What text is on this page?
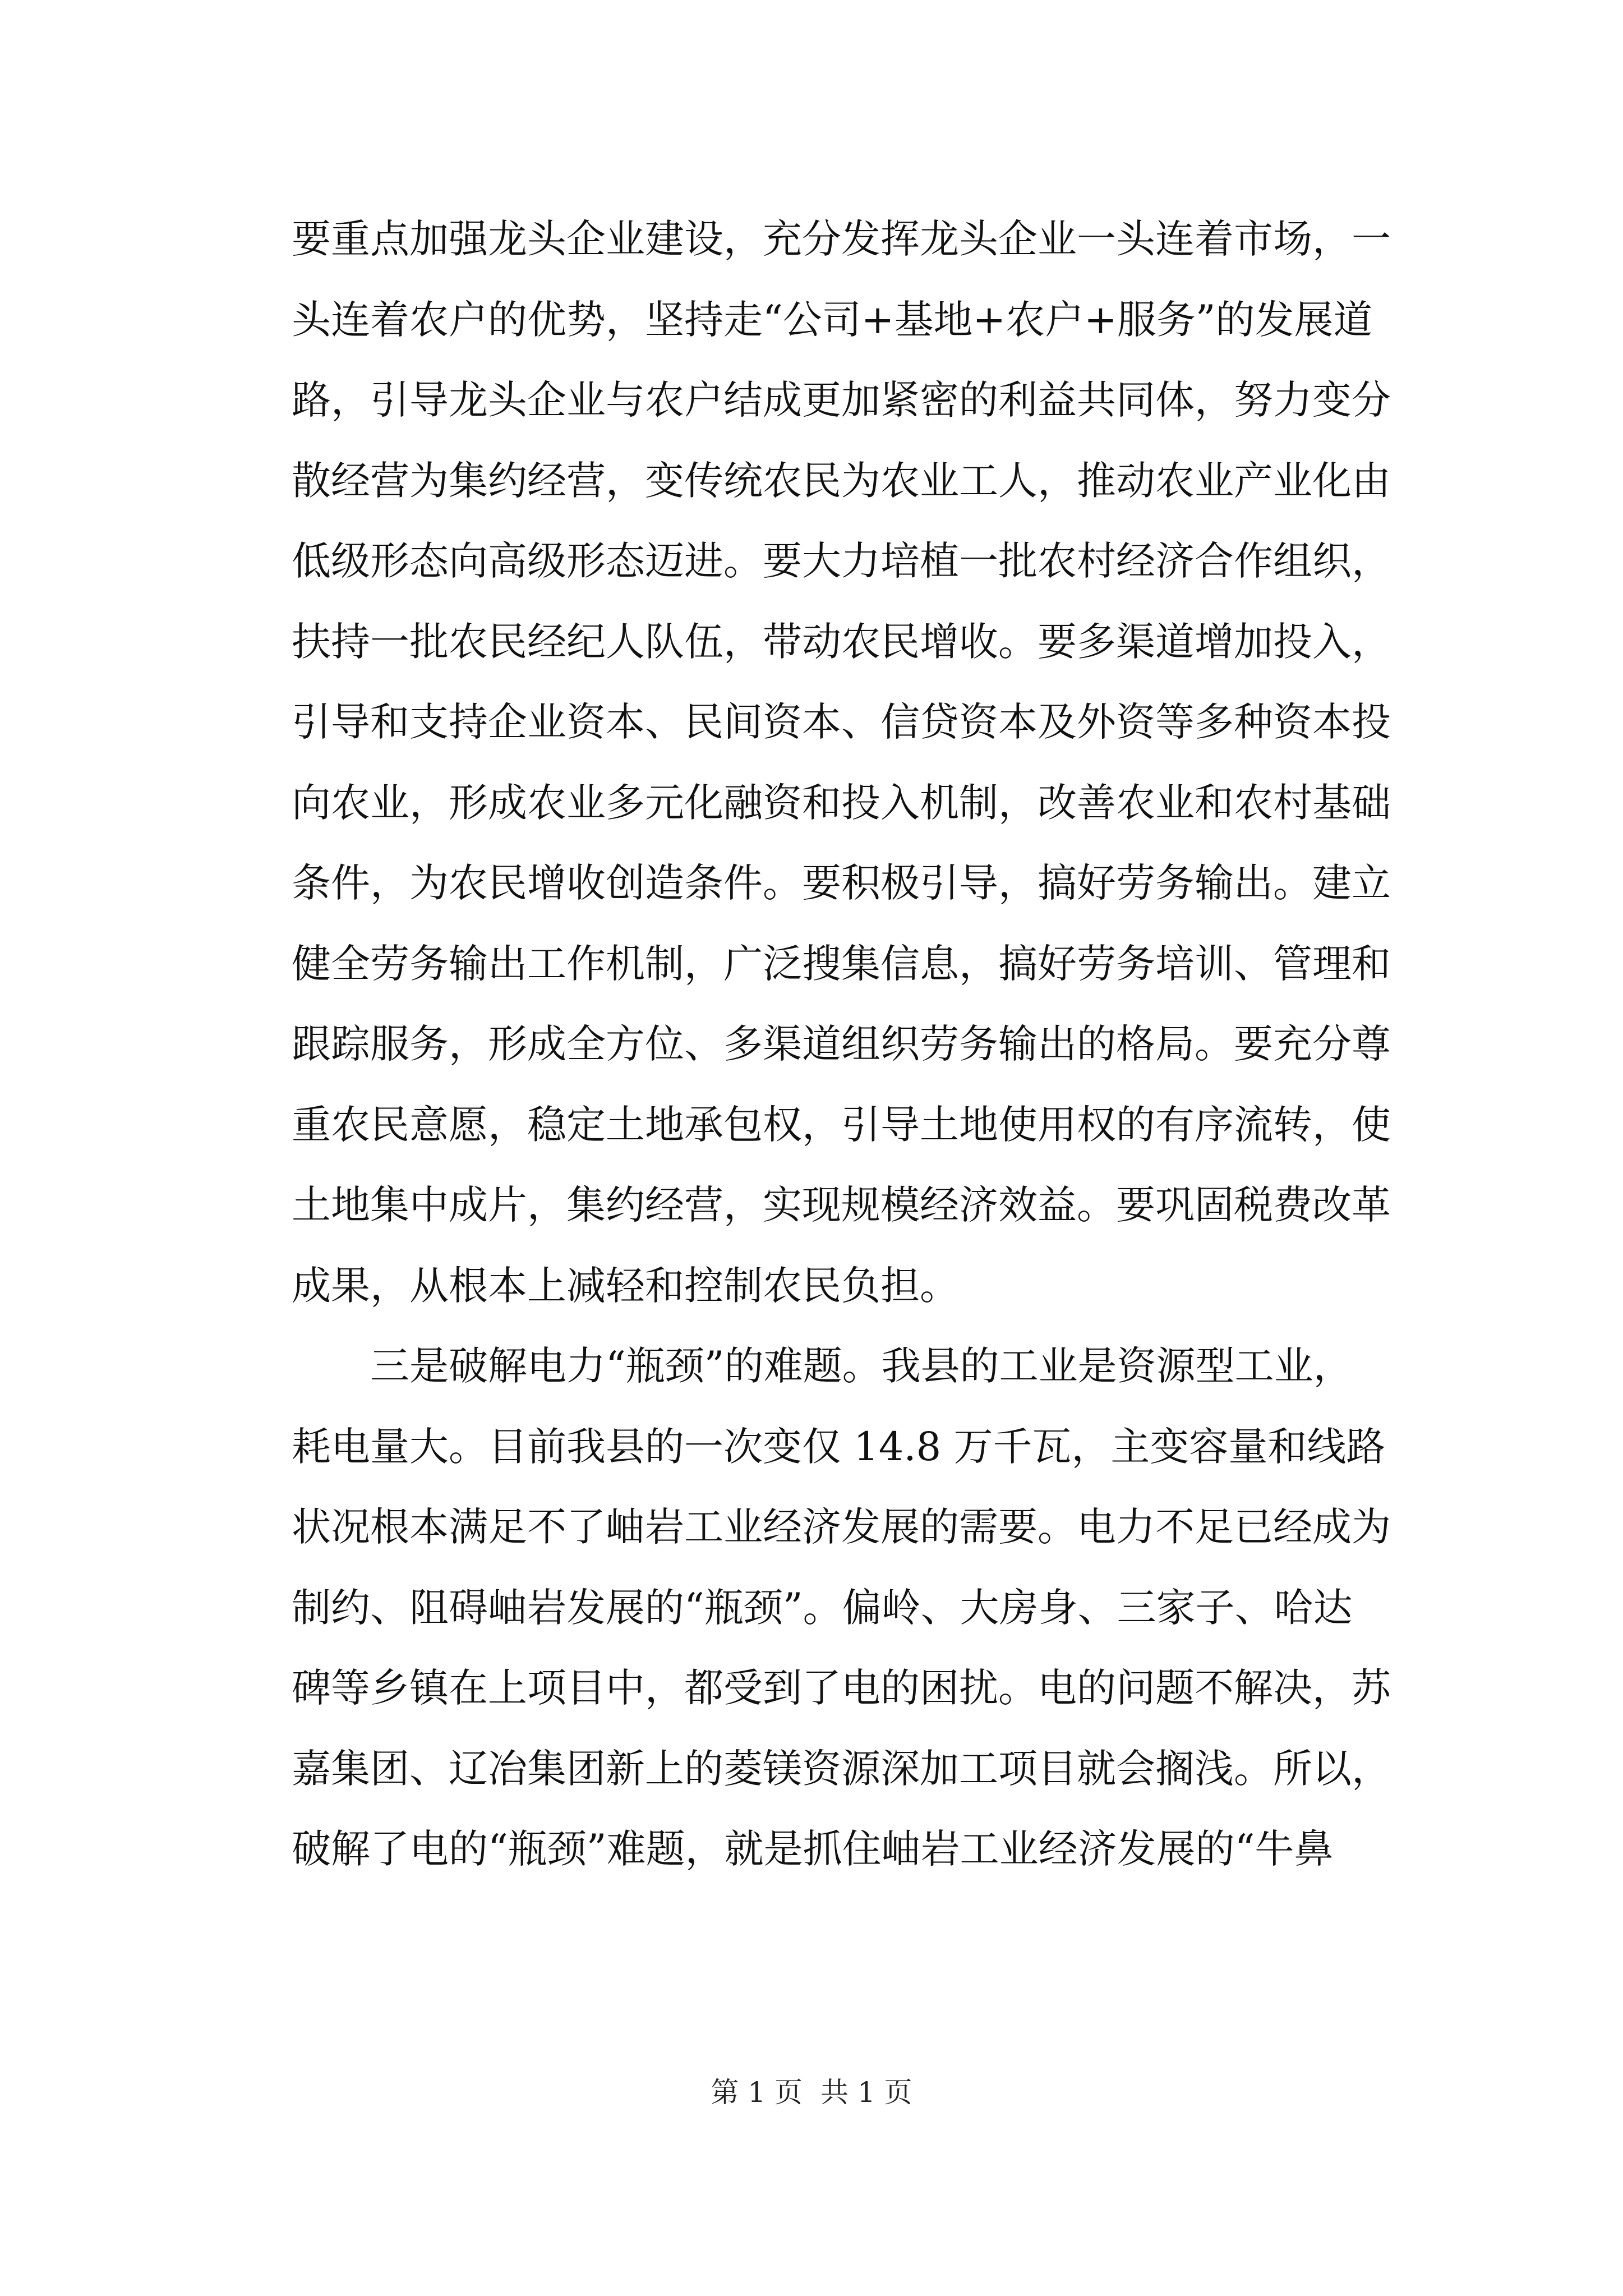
要重点加强龙头企业建设，充分发挥龙头企业一头连着市场，一
头连着农户的优势，坚持走“公司+基地+农户+服务”的发展道
路，引导龙头企业与农户结成更加紧密的利益共同体，努力变分
散经营为集约经营，变传统农民为农业工人，推动农业产业化由
低级形态向高级形态迈进。要大力培植一批农村经济合作组织，
扶持一批农民经纪人队伍，带动农民增收。要多渠道增加投入，
引导和支持企业资本、民间资本、信贷资本及外资等多种资本投
向农业，形成农业多元化融资和投入机制，改善农业和农村基础
条件，为农民增收创造条件。要积极引导，搞好劳务输出。建立
健全劳务输出工作机制，广泛搜集信息，搞好劳务培训、管理和
跟踪服务，形成全方位、多渠道组织劳务输出的格局。要充分尊
重农民意愿，稳定土地承包权，引导土地使用权的有序流转，使
土地集中成片，集约经营，实现规模经济效益。要巩固税费改革
成果，从根本上减轻和控制农民负担。
三是破解电力“瓶颈”的难题。我县的工业是资源型工业，
耗电量大。目前我县的一次变仅 14.8 万千瓦，主变容量和线路
状况根本满足不了岫岩工业经济发展的需要。电力不足已经成为
制约、阻碍岫岩发展的“瓶颈”。偏岭、大房身、三家子、哈达
碑等乡镇在上项目中，都受到了电的困扰。电的问题不解决，苏
嘉集团、辽冶集团新上的菱镁资源深加工项目就会搁浅。所以，
破解了电的“瓶颈”难题，就是抓住岫岩工业经济发展的“牛鼻
第 1 页 共 1 页
